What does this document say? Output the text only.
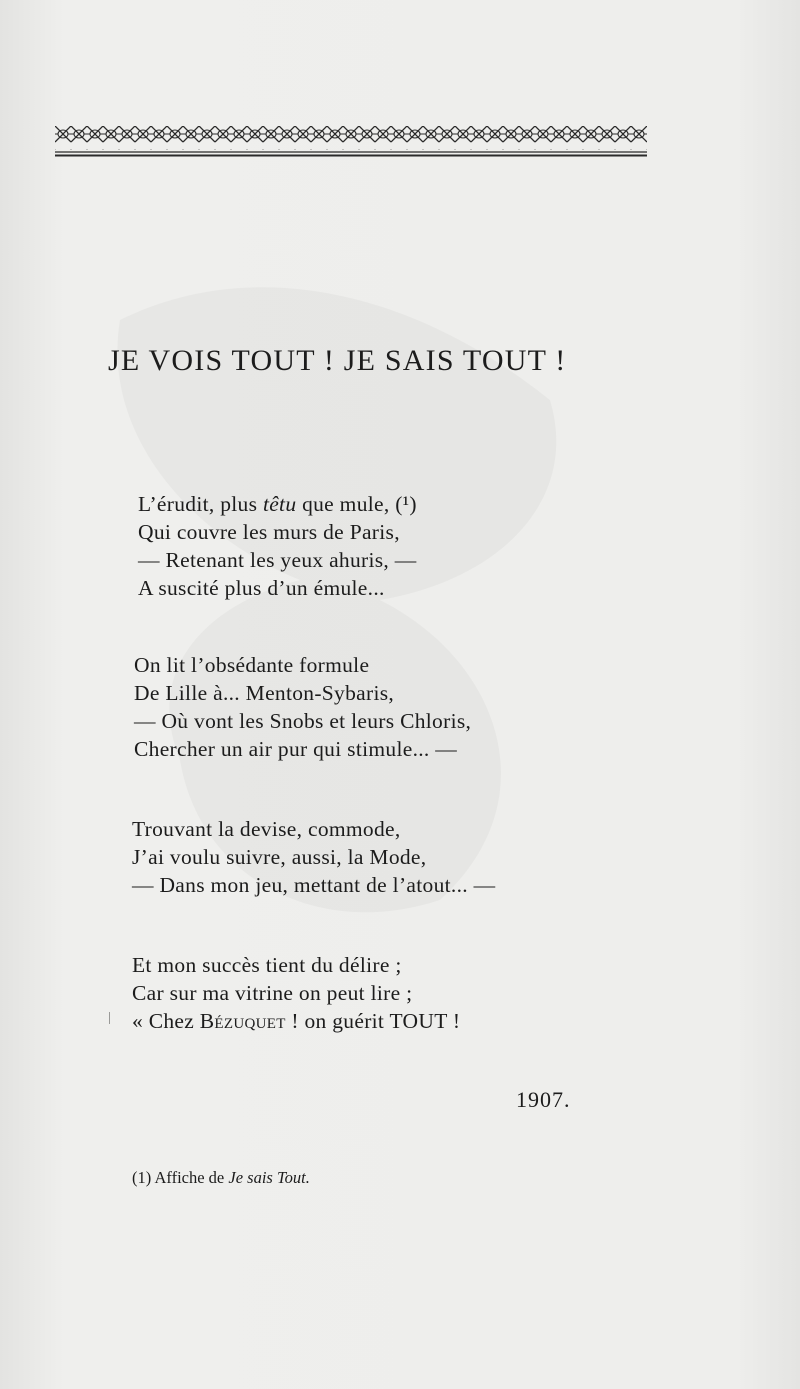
JE VOIS TOUT ! JE SAIS TOUT !
L’érudit, plus têtu que mule, (¹)
Qui couvre les murs de Paris,
— Retenant les yeux ahuris, —
A suscité plus d’un émule...
On lit l’obsédante formule
De Lille à... Menton-Sybaris,
— Où vont les Snobs et leurs Chloris,
Chercher un air pur qui stimule... —
Trouvant la devise, commode,
J’ai voulu suivre, aussi, la Mode,
— Dans mon jeu, mettant de l’atout... —
Et mon succès tient du délire ;
Car sur ma vitrine on peut lire ;
« Chez Bézuquet ! on guérit TOUT !
1907.
(1) Affiche de Je sais Tout.
